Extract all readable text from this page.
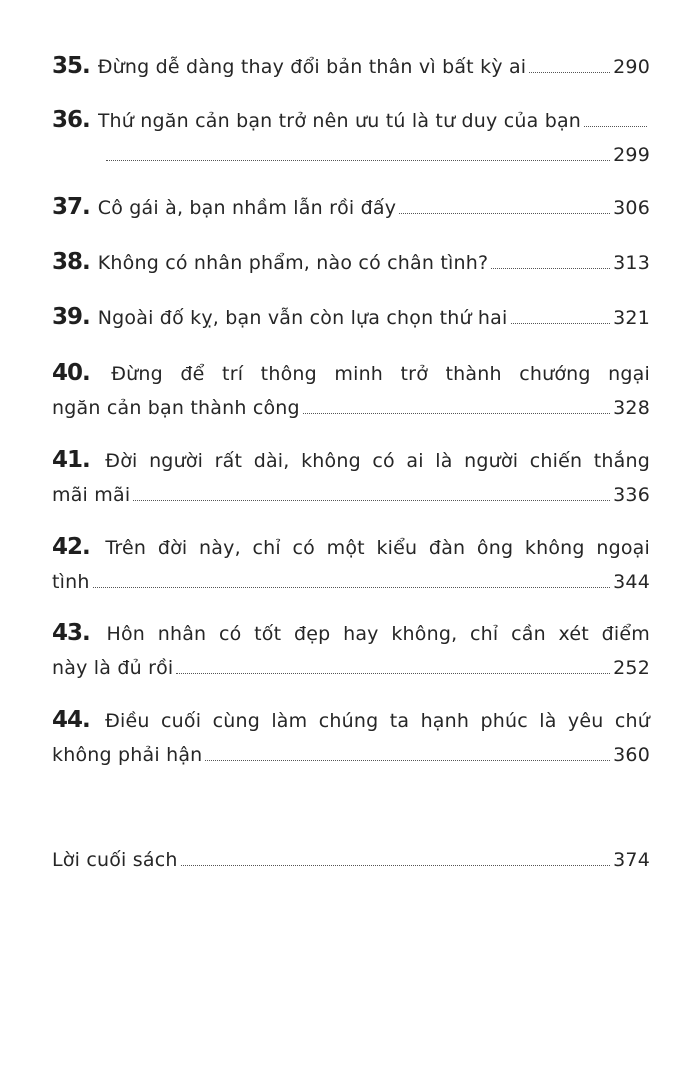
35. Đừng dễ dàng thay đổi bản thân vì bất kỳ ai	290
36. Thứ ngăn cản bạn trở nên ưu tú là tư duy của bạn
299
37. Cô gái à, bạn nhầm lẫn rồi đấy	306
38. Không có nhân phẩm, nào có chân tình?	313
39. Ngoài đố kỵ, bạn vẫn còn lựa chọn thứ hai	321
40. Đừng để trí thông minh trở thành chướng ngại
ngăn cản bạn thành công	328
41. Đời người rất dài, không có ai là người chiến thắng
mãi mãi	336
42. Trên đời này, chỉ có một kiểu đàn ông không ngoại
tình	344
43. Hôn nhân có tốt đẹp hay không, chỉ cần xét điểm
này là đủ rồi	252
44. Điều cuối cùng làm chúng ta hạnh phúc là yêu chứ
không phải hận	360
Lời cuối sách	374
